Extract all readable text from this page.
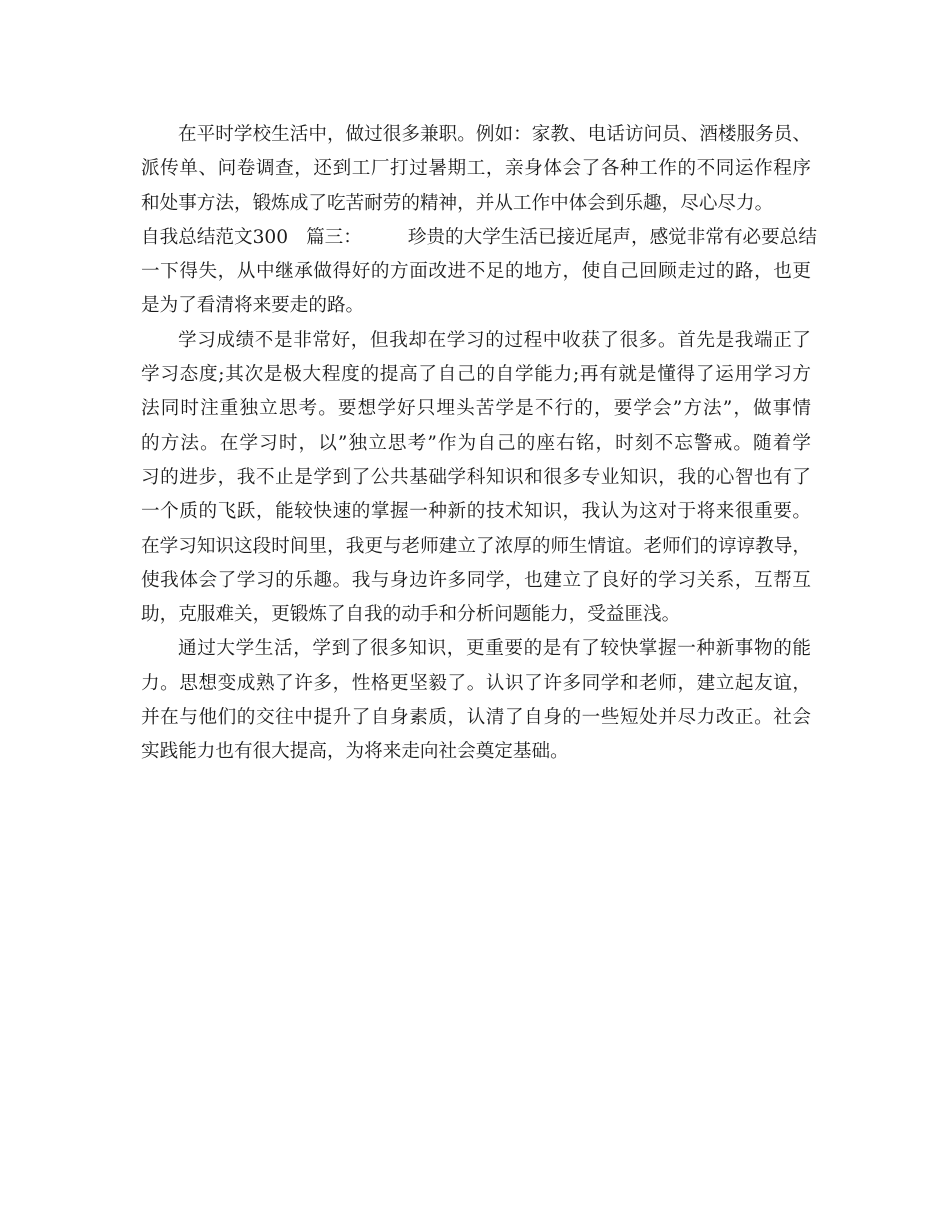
在平时学校生活中，做过很多兼职。例如：家教、电话访问员、酒楼服务员、
派传单、问卷调查，还到工厂打过暑期工，亲身体会了各种工作的不同运作程序
和处事方法，锻炼成了吃苦耐劳的精神，并从工作中体会到乐趣，尽心尽力。
自我总结范文300 篇三： 珍贵的大学生活已接近尾声，感觉非常有必要总结
一下得失，从中继承做得好的方面改进不足的地方，使自己回顾走过的路，也更
是为了看清将来要走的路。
学习成绩不是非常好，但我却在学习的过程中收获了很多。首先是我端正了
学习态度;其次是极大程度的提高了自己的自学能力;再有就是懂得了运用学习方
法同时注重独立思考。要想学好只埋头苦学是不行的，要学会”方法”，做事情
的方法。在学习时，以”独立思考”作为自己的座右铭，时刻不忘警戒。随着学
习的进步，我不止是学到了公共基础学科知识和很多专业知识，我的心智也有了
一个质的飞跃，能较快速的掌握一种新的技术知识，我认为这对于将来很重要。
在学习知识这段时间里，我更与老师建立了浓厚的师生情谊。老师们的谆谆教导，
使我体会了学习的乐趣。我与身边许多同学，也建立了良好的学习关系，互帮互
助，克服难关，更锻炼了自我的动手和分析问题能力，受益匪浅。
通过大学生活，学到了很多知识，更重要的是有了较快掌握一种新事物的能
力。思想变成熟了许多，性格更坚毅了。认识了许多同学和老师，建立起友谊，
并在与他们的交往中提升了自身素质，认清了自身的一些短处并尽力改正。社会
实践能力也有很大提高，为将来走向社会奠定基础。
